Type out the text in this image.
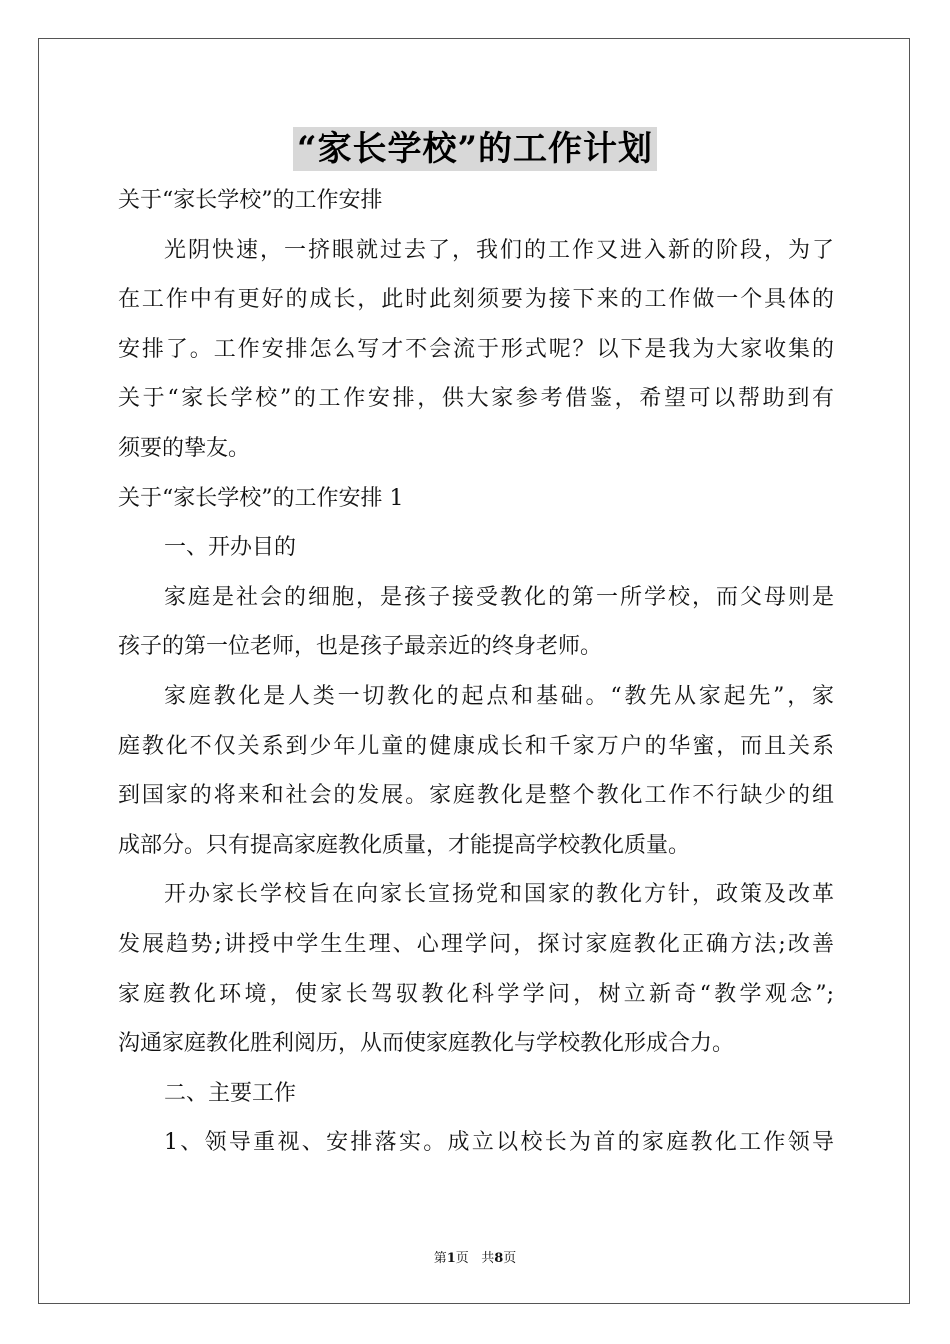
“家长学校”的工作计划
关于“家长学校”的工作安排
光阴快速，一挤眼就过去了，我们的工作又进入新的阶段，为了
在工作中有更好的成长，此时此刻须要为接下来的工作做一个具体的
安排了。工作安排怎么写才不会流于形式呢？以下是我为大家收集的
关于“家长学校”的工作安排，供大家参考借鉴，希望可以帮助到有
须要的挚友。
关于“家长学校”的工作安排 1
一、开办目的
家庭是社会的细胞，是孩子接受教化的第一所学校，而父母则是
孩子的第一位老师，也是孩子最亲近的终身老师。
家庭教化是人类一切教化的起点和基础。“教先从家起先”，家
庭教化不仅关系到少年儿童的健康成长和千家万户的华蜜，而且关系
到国家的将来和社会的发展。家庭教化是整个教化工作不行缺少的组
成部分。只有提高家庭教化质量，才能提高学校教化质量。
开办家长学校旨在向家长宣扬党和国家的教化方针，政策及改革
发展趋势;讲授中学生生理、心理学问，探讨家庭教化正确方法;改善
家庭教化环境，使家长驾驭教化科学学问，树立新奇“教学观念”;
沟通家庭教化胜利阅历，从而使家庭教化与学校教化形成合力。
二、主要工作
1、领导重视、安排落实。成立以校长为首的家庭教化工作领导
第1页 共8页
